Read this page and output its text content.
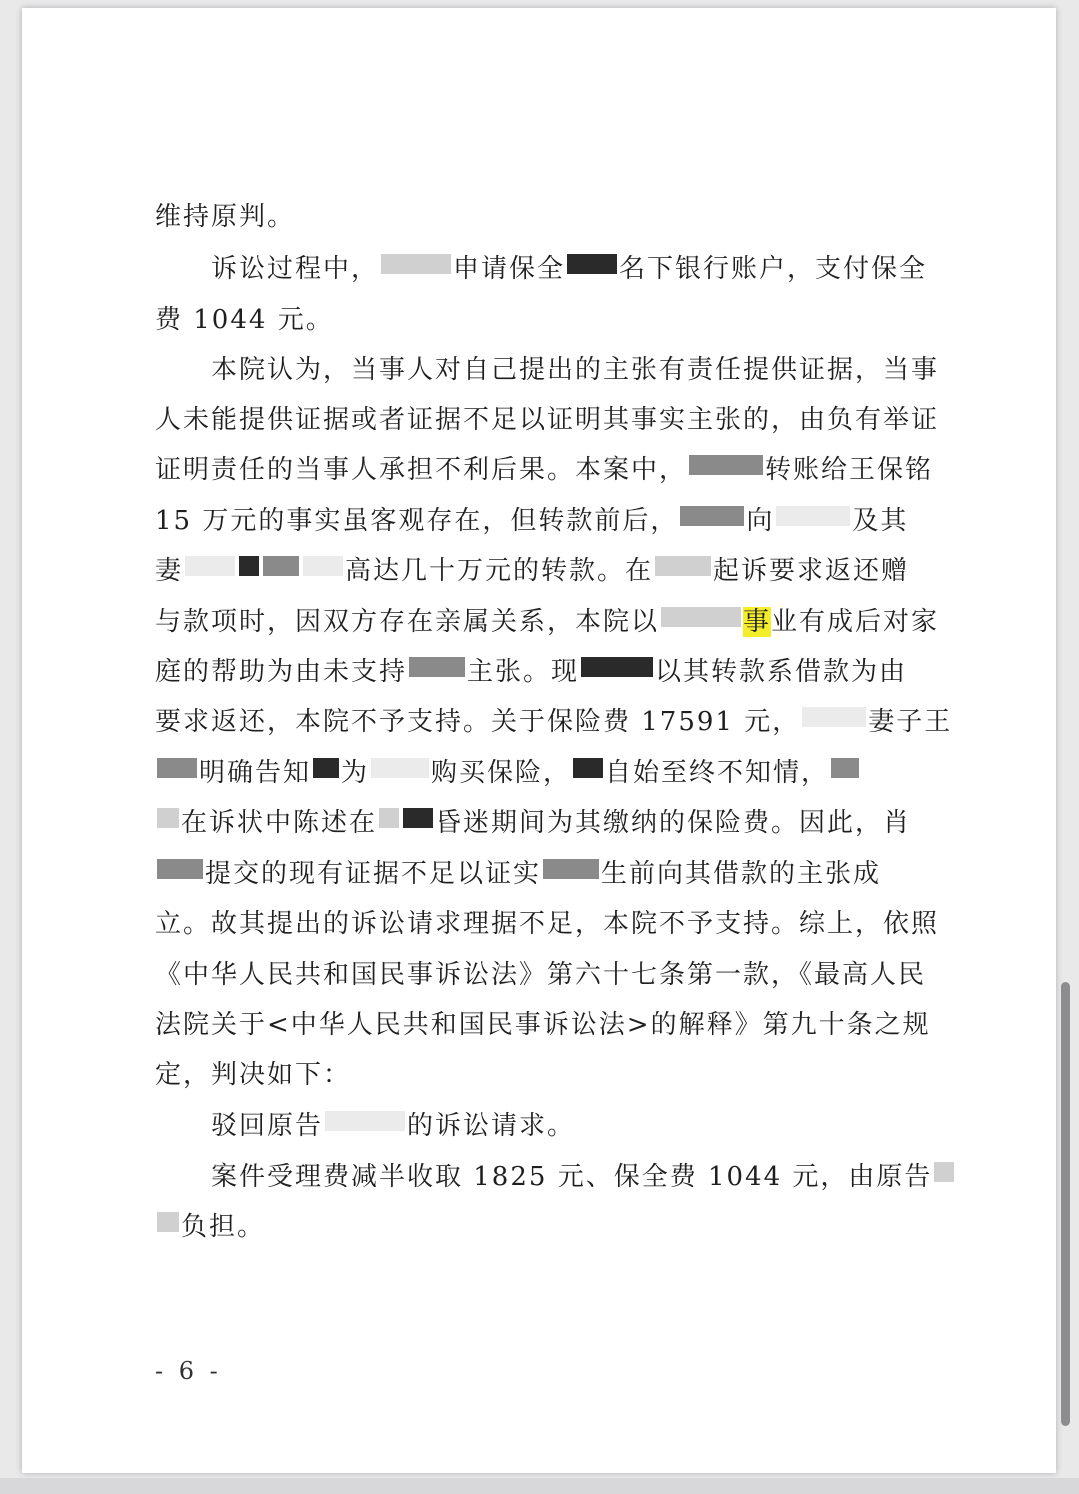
维持原判。
诉讼过程中，	申请保全 名下银行账户，支付保全
费 1044 元。
本院认为，当事人对自己提出的主张有责任提供证据，当事
人未能提供证据或者证据不足以证明其事实主张的，由负有举证
证明责任的当事人承担不利后果。本案中，	转账给王保铭
15 万元的事实虽客观存在，但转款前后，	向	及其
妻	高达几十万元的转款。在 起诉要求返还赠
与款项时，因双方存在亲属关系，本院以	事业有成后对家
庭的帮助为由未支持 主张。现	以其转款系借款为由
要求返还，本院不予支持。关于保险费 17591 元，	妻子王
明确告知 为 购买保险， 自始至终不知情，
在诉状中陈述在 昏迷期间为其缴纳的保险费。因此，肖
提交的现有证据不足以证实 生前向其借款的主张成
立。故其提出的诉讼请求理据不足，本院不予支持。综上，依照
《中华人民共和国民事诉讼法》第六十七条第一款，《最高人民
法院关于<中华人民共和国民事诉讼法>的解释》第九十条之规
定，判决如下：
驳回原告	的诉讼请求。
案件受理费减半收取 1825 元、保全费 1044 元，由原告
负担。
- 6 -
